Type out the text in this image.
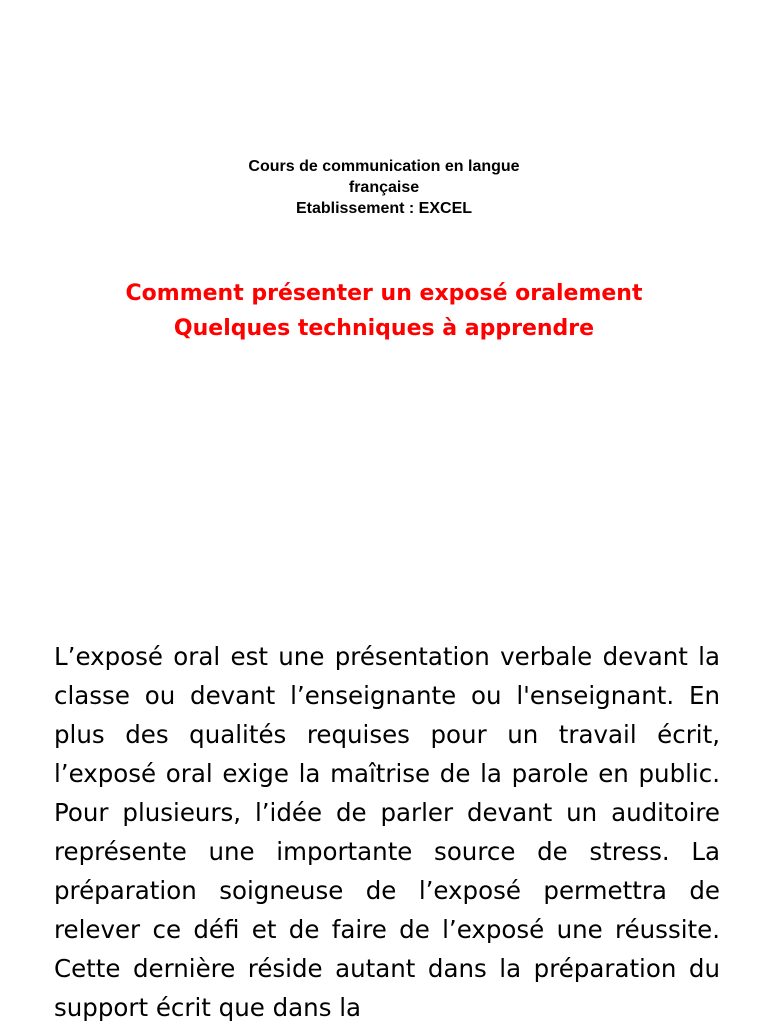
Cours de communication en langue
française
Etablissement : EXCEL
Comment présenter un exposé oralement
Quelques techniques à apprendre
L’exposé oral est une présentation verbale devant la classe ou devant l’enseignante ou l'enseignant. En plus des qualités requises pour un travail écrit, l’exposé oral exige la maîtrise de la parole en public. Pour plusieurs, l’idée de parler devant un auditoire représente une importante source de stress. La préparation soigneuse de l’exposé permettra de relever ce défi et de faire de l’exposé une réussite. Cette dernière réside autant dans la préparation du support écrit que dans la
